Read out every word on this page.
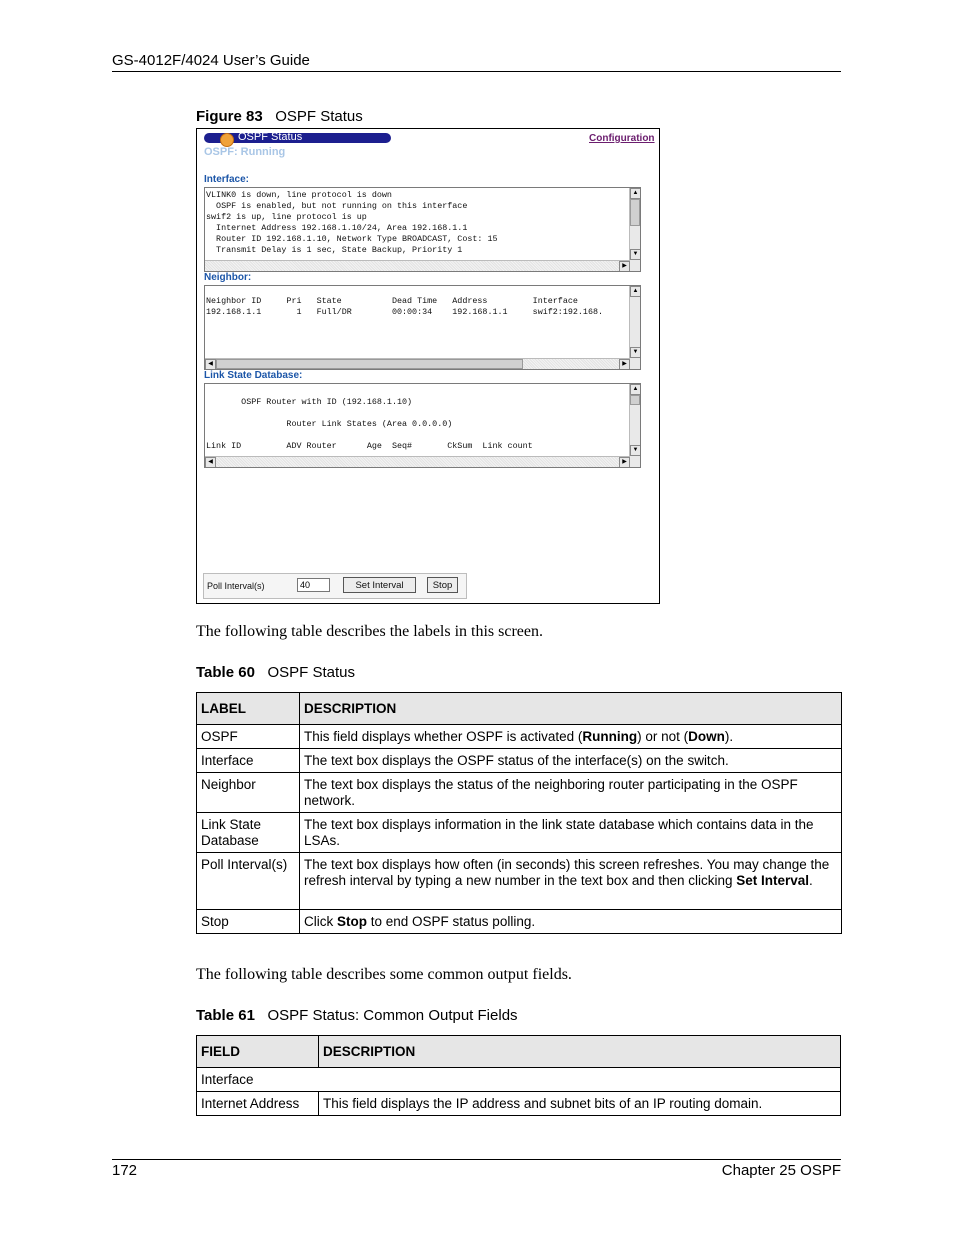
GS-4012F/4024 User’s Guide
Figure 83 OSPF Status
OSPF Status	Configuration
OSPF: Running
Interface:
VLINK0 is down, line protocol is down
OSPF is enabled, but not running on this interface
swif2 is up, line protocol is up
Internet Address 192.168.1.10/24, Area 192.168.1.1
Router ID 192.168.1.10, Network Type BROADCAST, Cost: 15
Transmit Delay is 1 sec, State Backup, Priority 1
▲
▼
▶
Neighbor:
Neighbor ID     Pri   State          Dead Time   Address         Interface
192.168.1.1       1   Full/DR        00:00:34    192.168.1.1     swif2:192.168.
▲
▼
◀	▶
Link State Database:

OSPF Router with ID (192.168.1.10)

Router Link States (Area 0.0.0.0)

Link ID         ADV Router      Age  Seq#       CkSum  Link count
▲
▼
◀	▶
Poll Interval(s)
40	Set Interval	Stop
The following table describes the labels in this screen.
Table 60 OSPF Status
LABEL	DESCRIPTION
OSPF	This field displays whether OSPF is activated (Running) or not (Down).
Interface	The text box displays the OSPF status of the interface(s) on the switch.
Neighbor	The text box displays the status of the neighboring router participating in the OSPF network.
Link State Database	The text box displays information in the link state database which contains data in the LSAs.
Poll Interval(s)	The text box displays how often (in seconds) this screen refreshes. You may change the refresh interval by typing a new number in the text box and then clicking Set Interval.
Stop	Click Stop to end OSPF status polling.
The following table describes some common output fields.
Table 61 OSPF Status: Common Output Fields
FIELD	DESCRIPTION
Interface	
Internet Address	This field displays the IP address and subnet bits of an IP routing domain.
172	Chapter 25 OSPF
